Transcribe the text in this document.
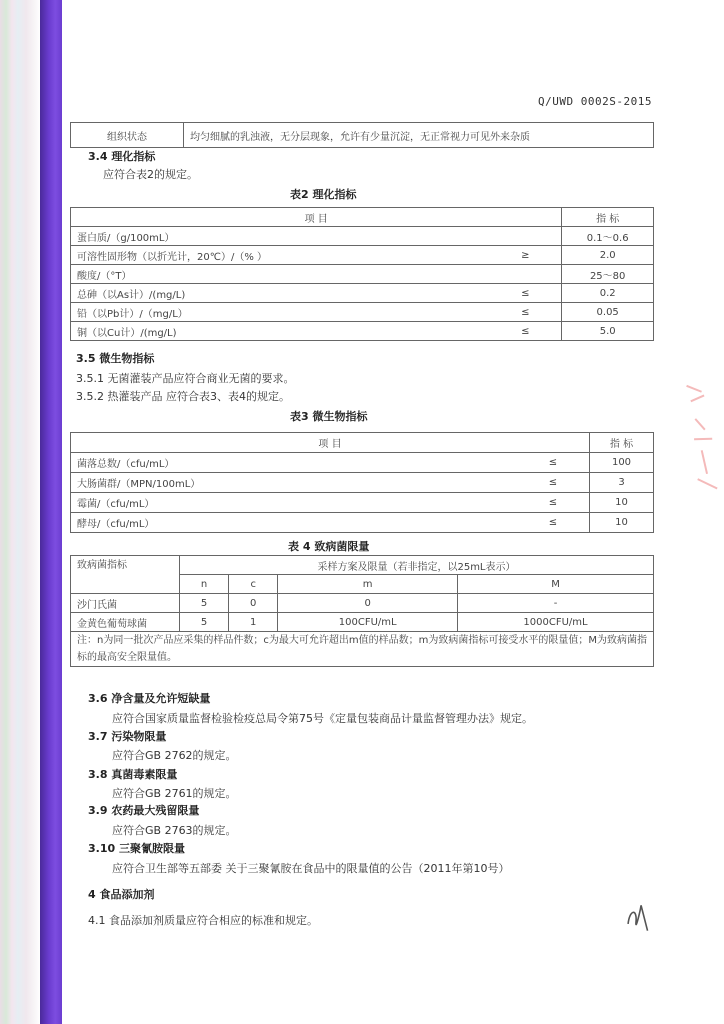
Q/UWD 0002S-2015
组织状态	均匀细腻的乳浊液，无分层现象，允许有少量沉淀，无正常视力可见外来杂质
3.4 理化指标
应符合表2的规定。
表2 理化指标
项 目		指 标
蛋白质/（g/100mL）		0.1～0.6
可溶性固形物（以折光计，20℃）/（% ）	≥	2.0
酸度/（°T）		25～80
总砷（以As计）/(mg/L)	≤	0.2
铅（以Pb计）/（mg/L）	≤	0.05
铜（以Cu计）/(mg/L)	≤	5.0
3.5 微生物指标
3.5.1 无菌灌装产品应符合商业无菌的要求。
3.5.2 热灌装产品 应符合表3、表4的规定。
表3 微生物指标
项 目		指 标
菌落总数/（cfu/mL）	≤	100
大肠菌群/（MPN/100mL）	≤	3
霉菌/（cfu/mL）	≤	10
酵母/（cfu/mL）	≤	10
表 4 致病菌限量
致病菌指标	采样方案及限量（若非指定，以25mL表示）			
	n	c	m	M
沙门氏菌	5	0	0	-
金黄色葡萄球菌	5	1	100CFU/mL	1000CFU/mL
注：n为同一批次产品应采集的样品件数；c为最大可允许超出m值的样品数；m为致病菌指标可接受水平的限量值；M为致病菌指标的最高安全限量值。				
3.6 净含量及允许短缺量
应符合国家质量监督检验检疫总局令第75号《定量包装商品计量监督管理办法》规定。
3.7 污染物限量
应符合GB 2762的规定。
3.8 真菌毒素限量
应符合GB 2761的规定。
3.9 农药最大残留限量
应符合GB 2763的规定。
3.10 三聚氰胺限量
应符合卫生部等五部委 关于三聚氰胺在食品中的限量值的公告（2011年第10号）
4 食品添加剂
4.1 食品添加剂质量应符合相应的标准和规定。
